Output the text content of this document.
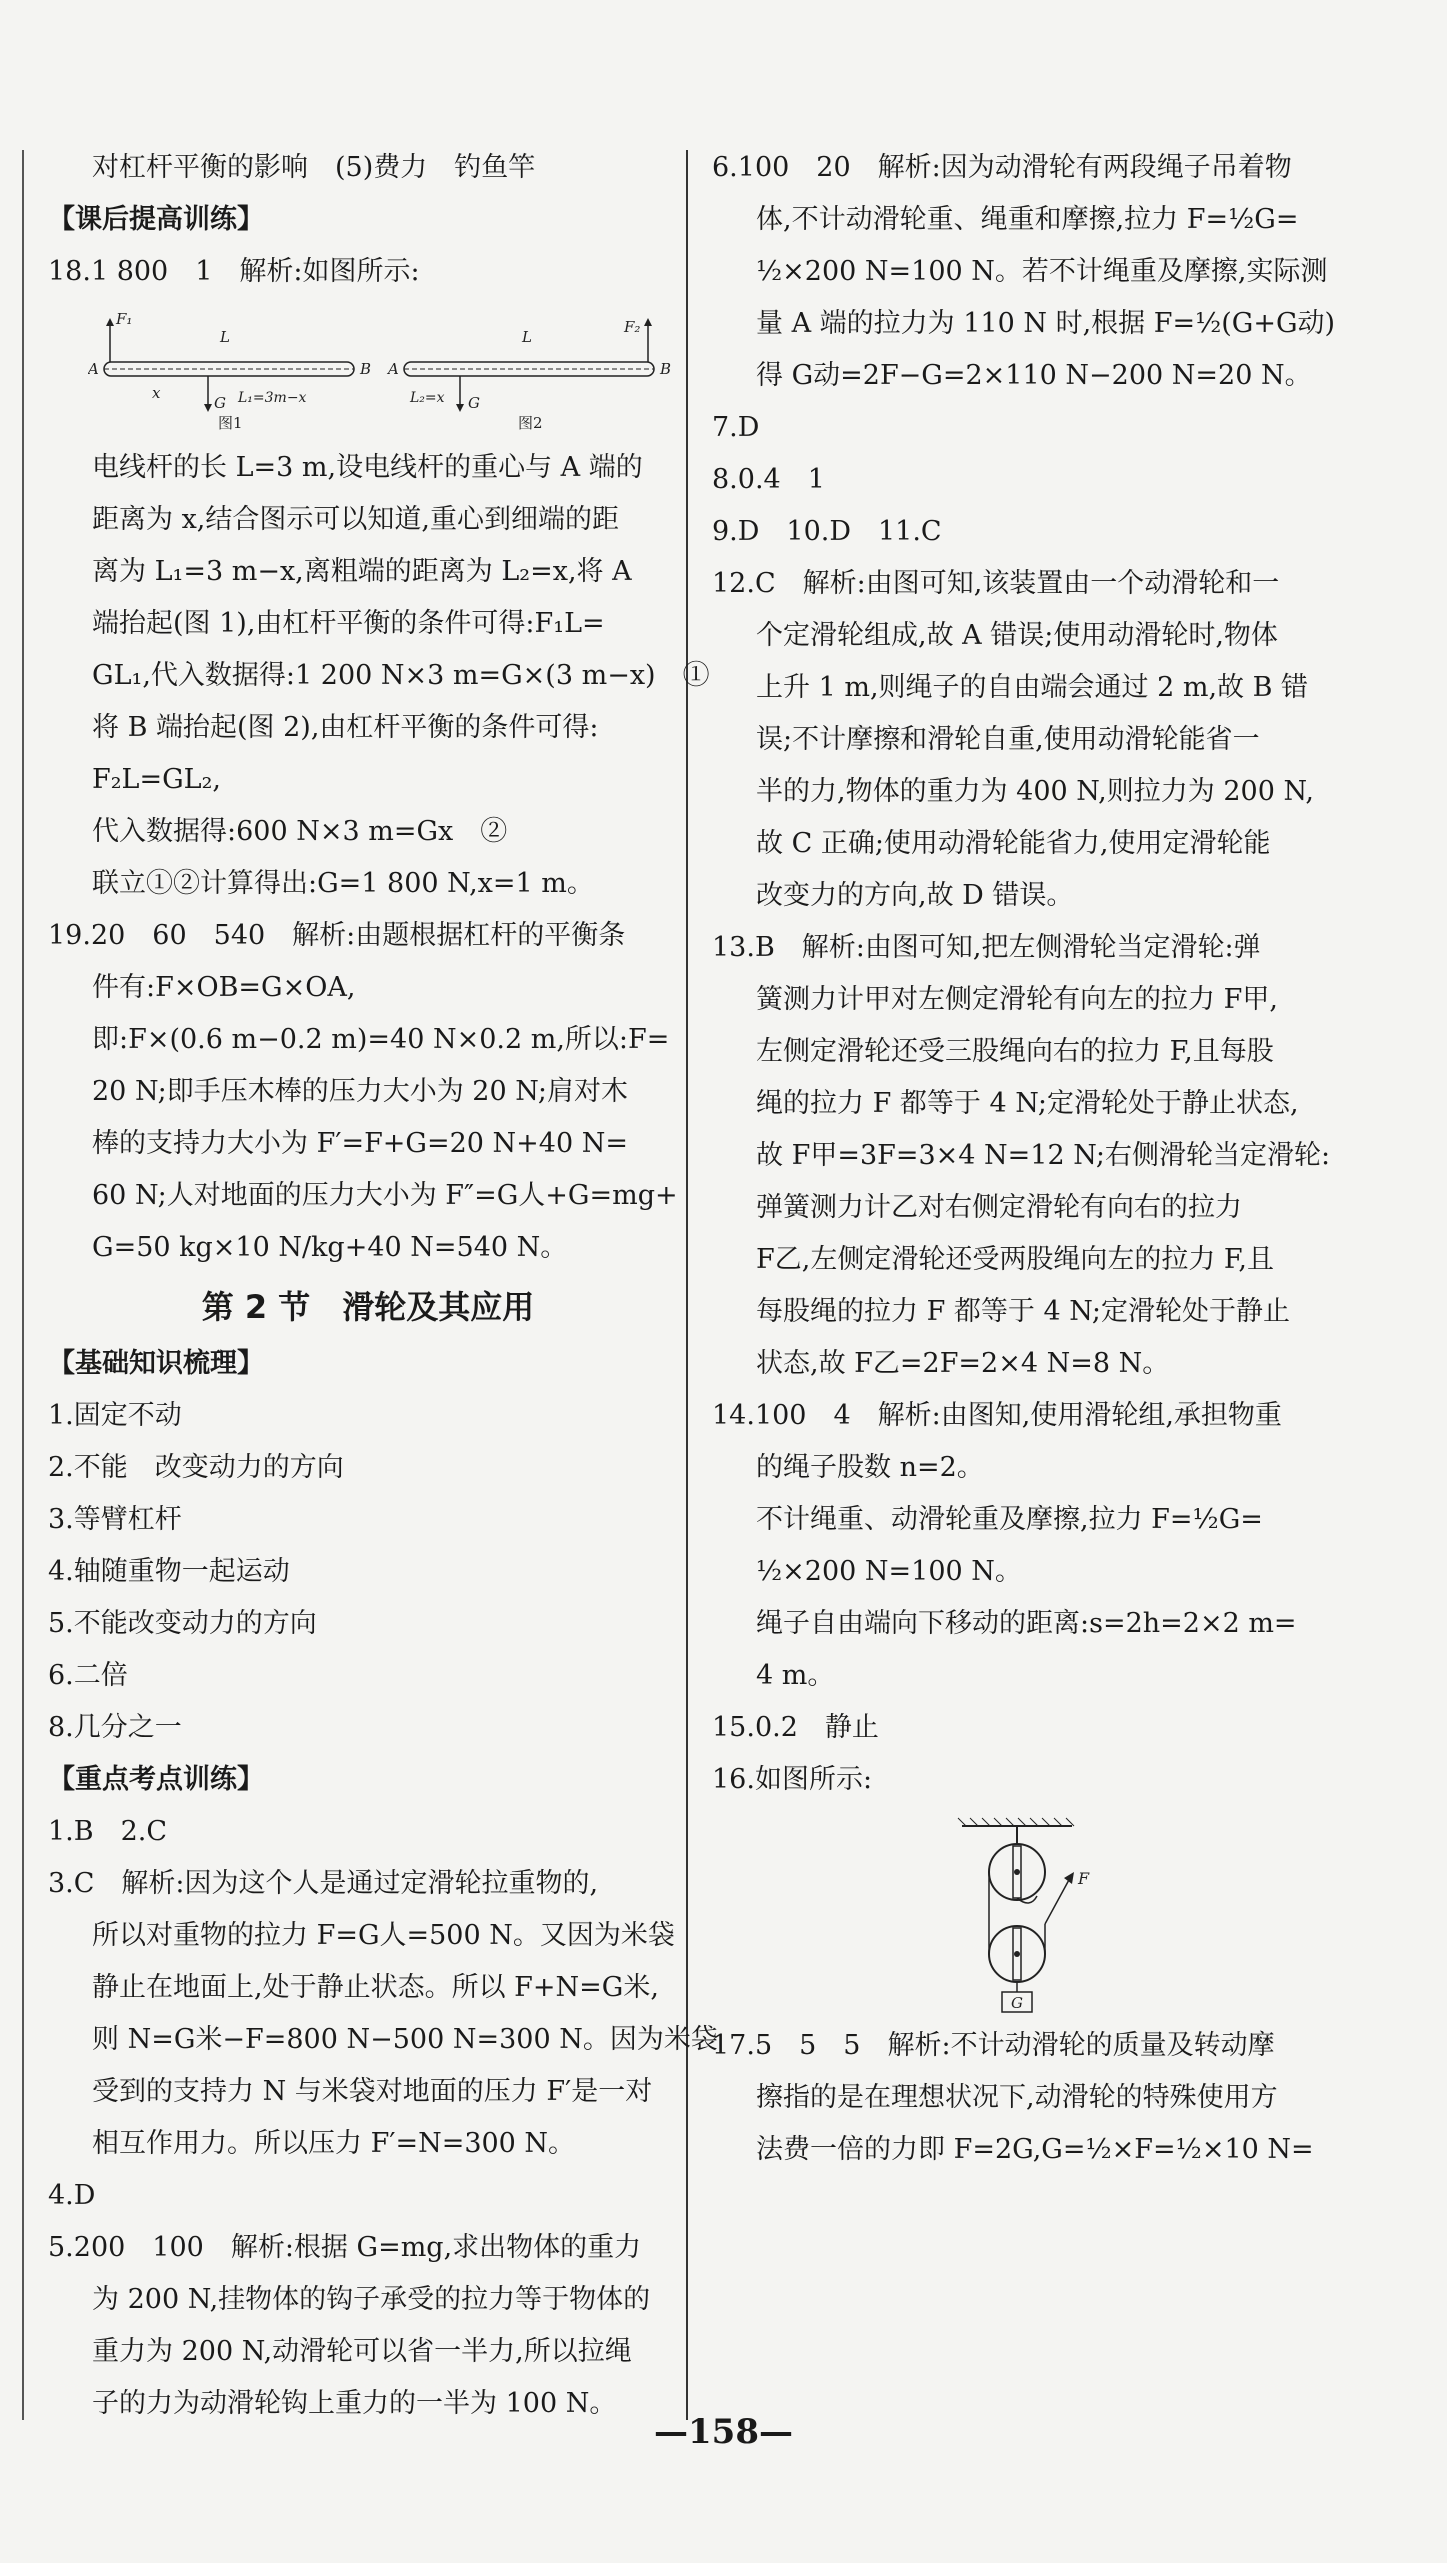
对杠杆平衡的影响　(5)费力　钓鱼竿

【课后提高训练】

18.1 800　1　解析:如图所示:

A	B
F₁
L
G
x	L₁=3m−x
图1
A	B
F₂
L
G
L₂=x
图2

电线杆的长 L=3 m,设电线杆的重心与 A 端的

距离为 x,结合图示可以知道,重心到细端的距

离为 L₁=3 m−x,离粗端的距离为 L₂=x,将 A

端抬起(图 1),由杠杆平衡的条件可得:F₁L=

GL₁,代入数据得:1 200 N×3 m=G×(3 m−x)　①

将 B 端抬起(图 2),由杠杆平衡的条件可得:

F₂L=GL₂,

代入数据得:600 N×3 m=Gx　②

联立①②计算得出:G=1 800 N,x=1 m。

19.20　60　540　解析:由题根据杠杆的平衡条

件有:F×OB=G×OA,

即:F×(0.6 m−0.2 m)=40 N×0.2 m,所以:F=

20 N;即手压木棒的压力大小为 20 N;肩对木

棒的支持力大小为 F′=F+G=20 N+40 N=

60 N;人对地面的压力大小为 F″=G人+G=mg+

G=50 kg×10 N/kg+40 N=540 N。

第 2 节　滑轮及其应用

【基础知识梳理】

1.固定不动

2.不能　改变动力的方向

3.等臂杠杆

4.轴随重物一起运动

5.不能改变动力的方向

6.二倍

8.几分之一

【重点考点训练】

1.B　2.C

3.C　解析:因为这个人是通过定滑轮拉重物的,

所以对重物的拉力 F=G人=500 N。又因为米袋

静止在地面上,处于静止状态。所以 F+N=G米,

则 N=G米−F=800 N−500 N=300 N。因为米袋

受到的支持力 N 与米袋对地面的压力 F′是一对

相互作用力。所以压力 F′=N=300 N。

4.D

5.200　100　解析:根据 G=mg,求出物体的重力

为 200 N,挂物体的钩子承受的拉力等于物体的

重力为 200 N,动滑轮可以省一半力,所以拉绳

子的力为动滑轮钩上重力的一半为 100 N。

6.100　20　解析:因为动滑轮有两段绳子吊着物

体,不计动滑轮重、绳重和摩擦,拉力 F=½G=

½×200 N=100 N。若不计绳重及摩擦,实际测

量 A 端的拉力为 110 N 时,根据 F=½(G+G动)

得 G动=2F−G=2×110 N−200 N=20 N。

7.D

8.0.4　1

9.D　10.D　11.C

12.C　解析:由图可知,该装置由一个动滑轮和一

个定滑轮组成,故 A 错误;使用动滑轮时,物体

上升 1 m,则绳子的自由端会通过 2 m,故 B 错

误;不计摩擦和滑轮自重,使用动滑轮能省一

半的力,物体的重力为 400 N,则拉力为 200 N,

故 C 正确;使用动滑轮能省力,使用定滑轮能

改变力的方向,故 D 错误。

13.B　解析:由图可知,把左侧滑轮当定滑轮:弹

簧测力计甲对左侧定滑轮有向左的拉力 F甲,

左侧定滑轮还受三股绳向右的拉力 F,且每股

绳的拉力 F 都等于 4 N;定滑轮处于静止状态,

故 F甲=3F=3×4 N=12 N;右侧滑轮当定滑轮:

弹簧测力计乙对右侧定滑轮有向右的拉力

F乙,左侧定滑轮还受两股绳向左的拉力 F,且

每股绳的拉力 F 都等于 4 N;定滑轮处于静止

状态,故 F乙=2F=2×4 N=8 N。

14.100　4　解析:由图知,使用滑轮组,承担物重

的绳子股数 n=2。

不计绳重、动滑轮重及摩擦,拉力 F=½G=

½×200 N=100 N。

绳子自由端向下移动的距离:s=2h=2×2 m=

4 m。

15.0.2　静止

16.如图所示:

F
G

17.5　5　5　解析:不计动滑轮的质量及转动摩

擦指的是在理想状况下,动滑轮的特殊使用方

法费一倍的力即 F=2G,G=½×F=½×10 N=

—158—
